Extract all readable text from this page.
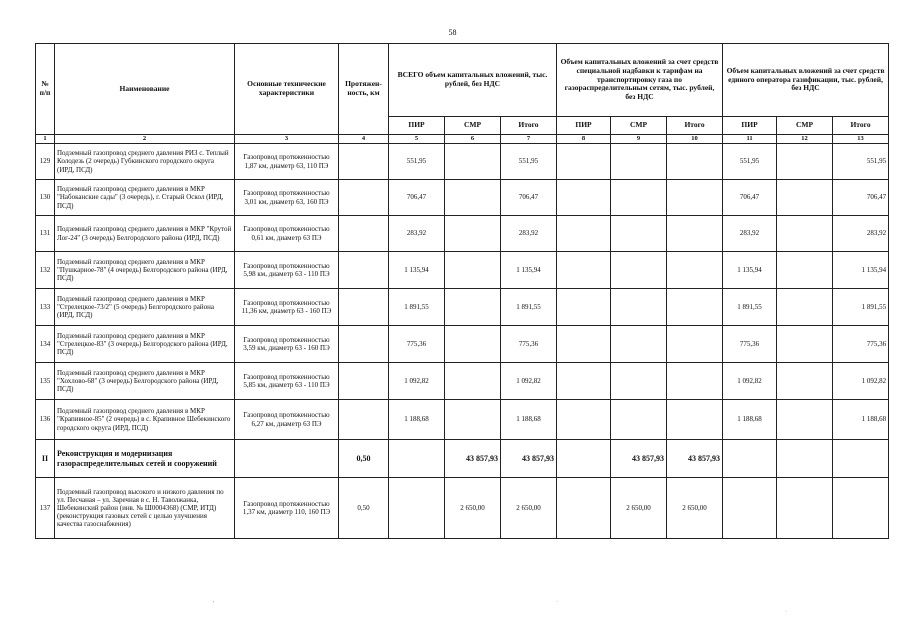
58
№ п/п	Наименование	Основные технические характеристики	Протяжен-ность, км	ВСЕГО объем капитальных вложений, тыс. рублей, без НДС			Объем капитальных вложений за счет средств специальной надбавки к тарифам на транспортировку газа по газораспределительным сетям, тыс. рублей, без НДС			Объем капитальных вложений за счет средств единого оператора газификации, тыс. рублей, без НДС		
				ПИР	СМР	Итого	ПИР	СМР	Итого	ПИР	СМР	Итого
1	2	3	4	5	6	7	8	9	10	11	12	13
129	Подземный газопровод среднего давления РИЗ с. Теплый Колодезь (2 очередь) Губкинского городского округа (ИРД, ПСД)	Газопровод протяженностью 1,87 км, диаметр 63, 110 ПЭ		551,95		551,95				551,95		551,95
130	Подземный газопровод среднего давления в МКР "Набоканские сады" (3 очередь), г. Старый Оскол (ИРД, ПСД)	Газопровод протяженностью 3,01 км, диаметр 63, 160 ПЭ		706,47		706,47				706,47		706,47
131	Подземный газопровод среднего давления в МКР "Крутой Лог-24" (3 очередь) Белгородского района (ИРД, ПСД)	Газопровод протяженностью 0,61 км, диаметр 63 ПЭ		283,92		283,92				283,92		283,92
132	Подземный газопровод среднего давления в МКР "Пушкарное-78" (4 очередь) Белгородского района (ИРД, ПСД)	Газопровод протяженностью 5,98 км, диаметр 63 - 110 ПЭ		1 135,94		1 135,94				1 135,94		1 135,94
133	Подземный газопровод среднего давления в МКР "Стрелецкое-73/2" (5 очередь) Белгородского района (ИРД, ПСД)	Газопровод протяженностью 11,36 км, диаметр 63 - 160 ПЭ		1 891,55		1 891,55				1 891,55		1 891,55
134	Подземный газопровод среднего давления в МКР "Стрелецкое-83" (3 очередь) Белгородского района (ИРД, ПСД)	Газопровод протяженностью 3,59 км, диаметр 63 - 160 ПЭ		775,36		775,36				775,36		775,36
135	Подземный газопровод среднего давления в МКР "Хохлово-68" (3 очередь) Белгородского района (ИРД, ПСД)	Газопровод протяженностью 5,85 км, диаметр 63 - 110 ПЭ		1 092,82		1 092,82				1 092,82		1 092,82
136	Подземный газопровод среднего давления в МКР "Крапивное-85" (2 очередь) в с. Крапивное Шебекинского городского округа (ИРД, ПСД)	Газопровод протяженностью 6,27 км, диаметр 63 ПЭ		1 188,68		1 188,68				1 188,68		1 188,68
II	Реконструкция и модернизация газораспределительных сетей и сооружений		0,50		43 857,93	43 857,93		43 857,93	43 857,93			
137	Подземный газопровод высокого и низкого давления по ул. Песчаная – ул. Заречная в с. Н. Таволжанка, Шебекинский район (инв. № Ш0004368) (СМР, ИТД) (реконструкция газовых сетей с целью улучшения качества газоснабжения)	Газопровод протяженностью 1,37 км, диаметр 110, 160 ПЭ	0,50		2 650,00	2 650,00		2 650,00	2 650,00			
'	·
·
